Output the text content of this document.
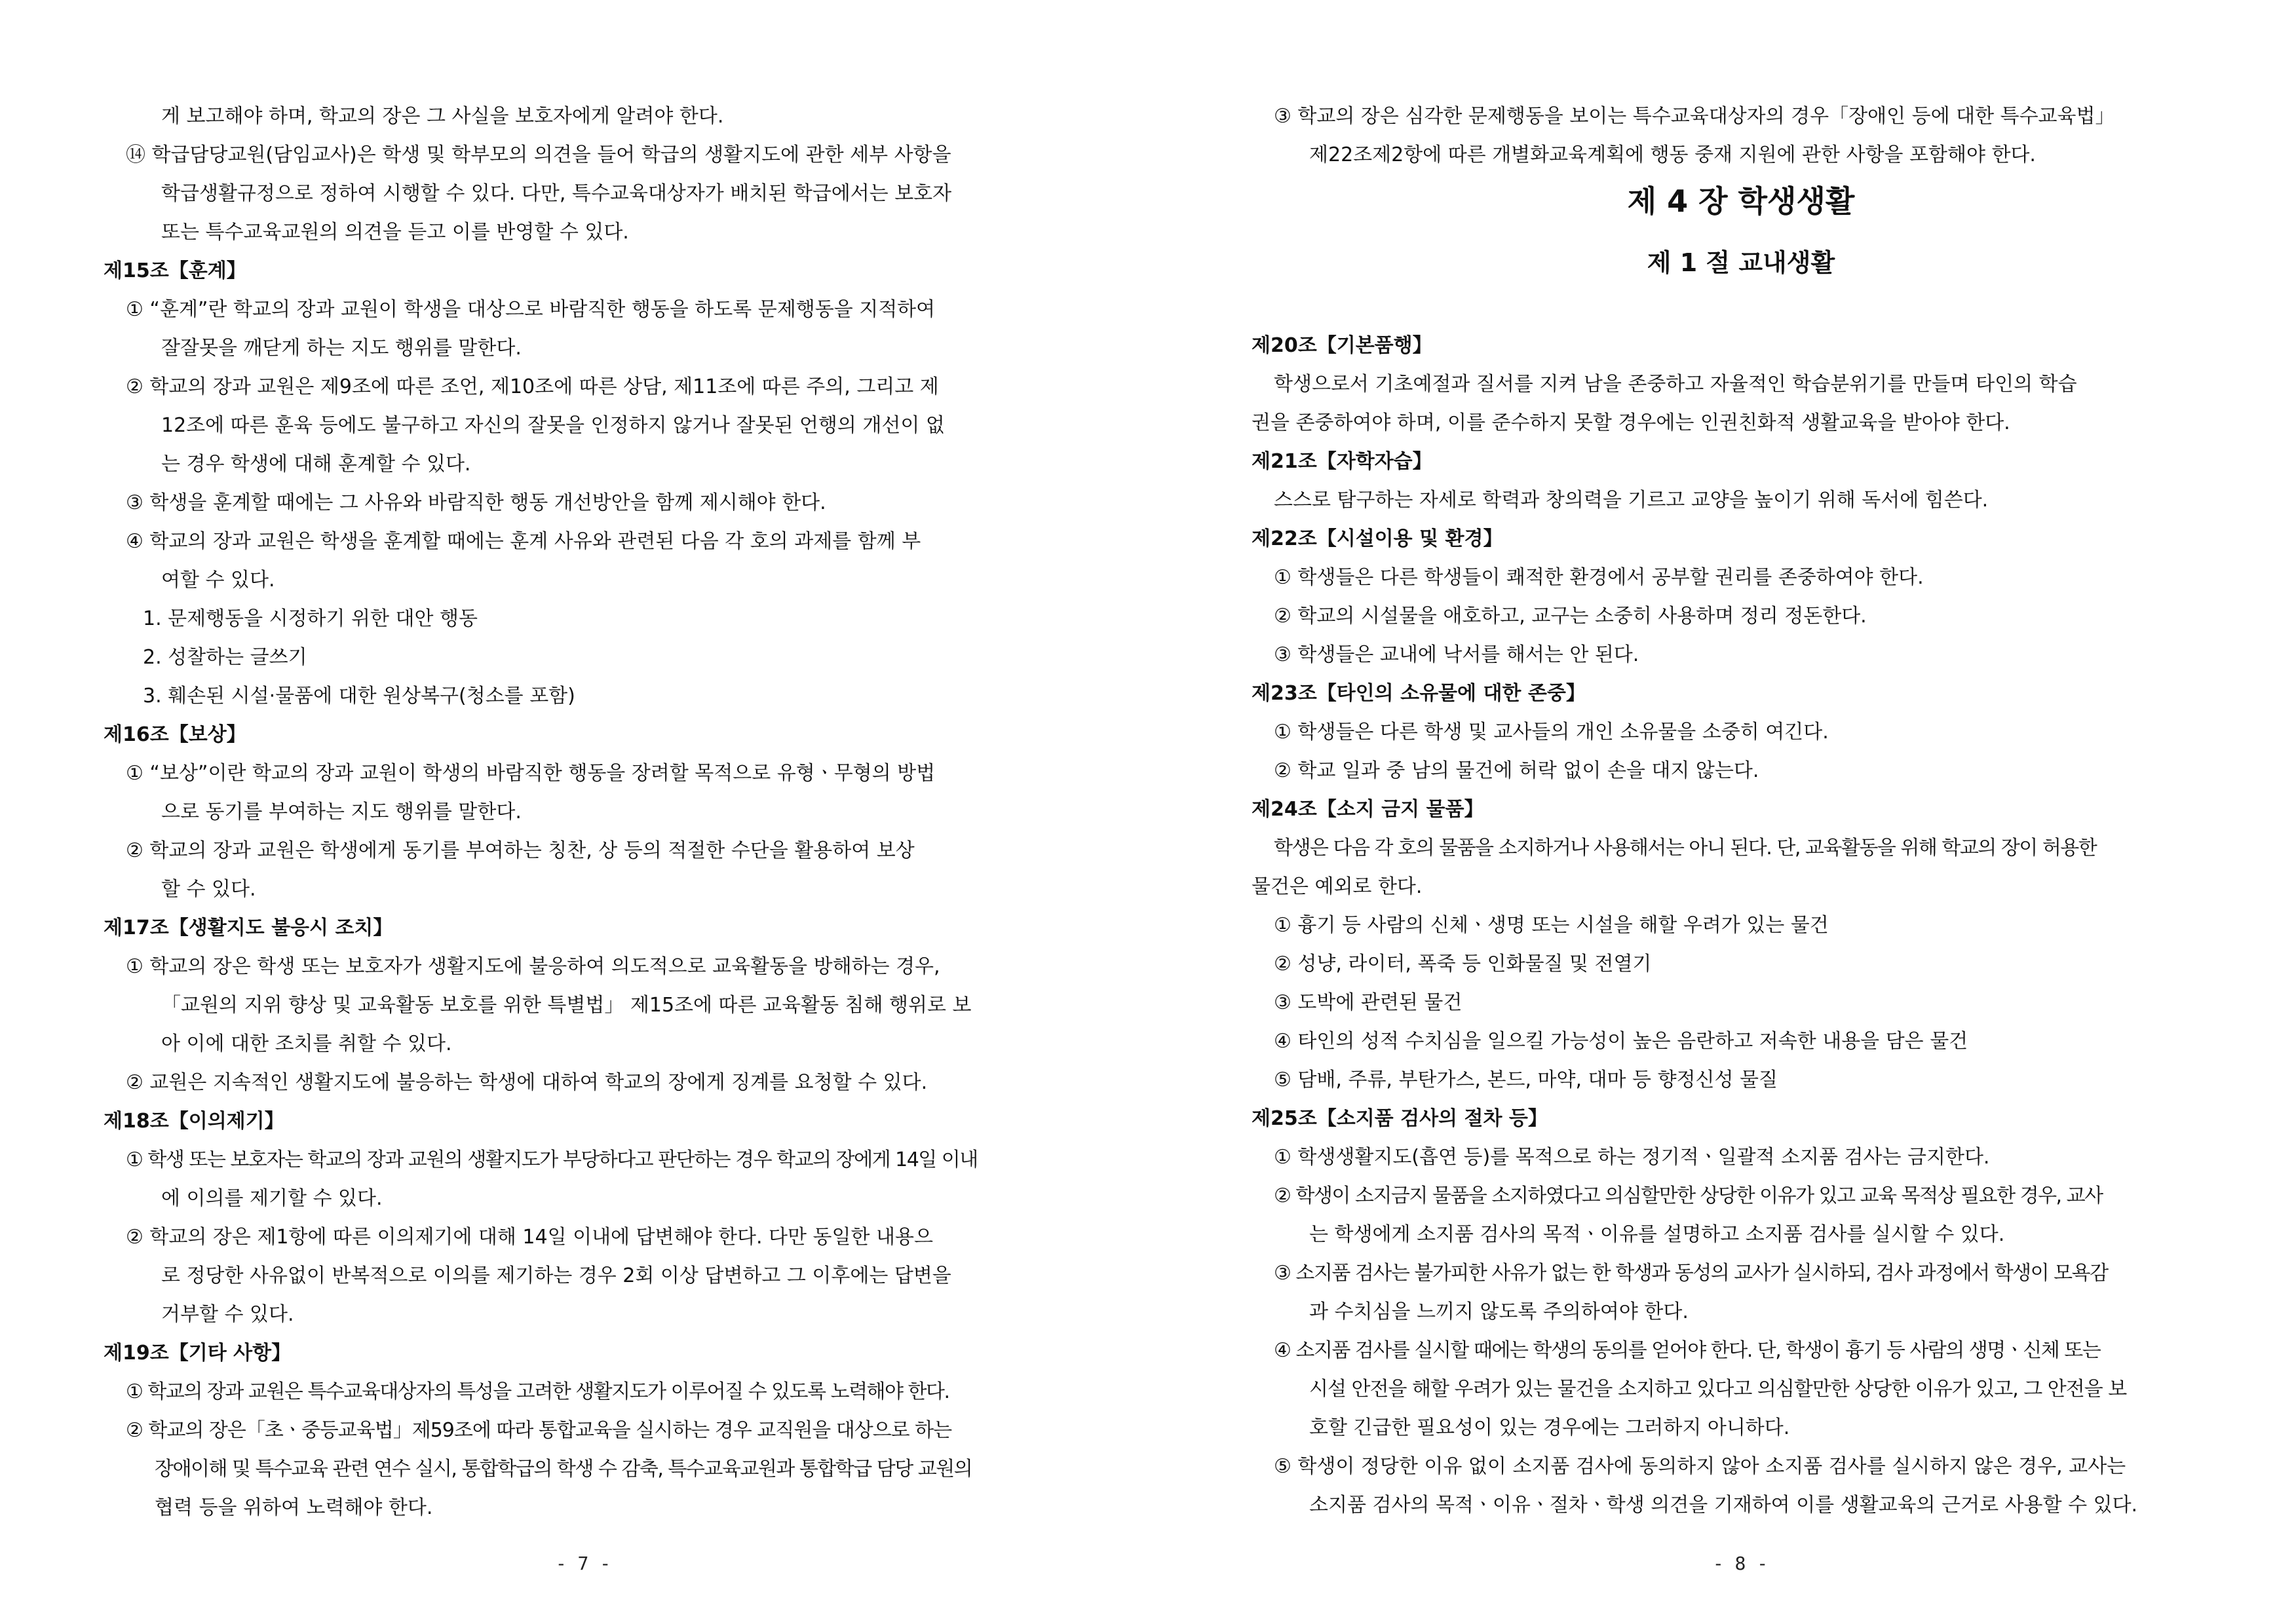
게 보고해야 하며, 학교의 장은 그 사실을 보호자에게 알려야 한다.
⑭ 학급담당교원(담임교사)은 학생 및 학부모의 의견을 들어 학급의 생활지도에 관한 세부 사항을
학급생활규정으로 정하여 시행할 수 있다. 다만, 특수교육대상자가 배치된 학급에서는 보호자
또는 특수교육교원의 의견을 듣고 이를 반영할 수 있다.
제15조【훈계】
① “훈계”란 학교의 장과 교원이 학생을 대상으로 바람직한 행동을 하도록 문제행동을 지적하여
잘잘못을 깨닫게 하는 지도 행위를 말한다.
② 학교의 장과 교원은 제9조에 따른 조언, 제10조에 따른 상담, 제11조에 따른 주의, 그리고 제
12조에 따른 훈육 등에도 불구하고 자신의 잘못을 인정하지 않거나 잘못된 언행의 개선이 없
는 경우 학생에 대해 훈계할 수 있다.
③ 학생을 훈계할 때에는 그 사유와 바람직한 행동 개선방안을 함께 제시해야 한다.
④ 학교의 장과 교원은 학생을 훈계할 때에는 훈계 사유와 관련된 다음 각 호의 과제를 함께 부
여할 수 있다.
1. 문제행동을 시정하기 위한 대안 행동
2. 성찰하는 글쓰기
3. 훼손된 시설·물품에 대한 원상복구(청소를 포함)
제16조【보상】
① “보상”이란 학교의 장과 교원이 학생의 바람직한 행동을 장려할 목적으로 유형ㆍ무형의 방법
으로 동기를 부여하는 지도 행위를 말한다.
② 학교의 장과 교원은 학생에게 동기를 부여하는 칭찬, 상 등의 적절한 수단을 활용하여 보상
할 수 있다.
제17조【생활지도 불응시 조치】
① 학교의 장은 학생 또는 보호자가 생활지도에 불응하여 의도적으로 교육활동을 방해하는 경우,
「교원의 지위 향상 및 교육활동 보호를 위한 특별법」 제15조에 따른 교육활동 침해 행위로 보
아 이에 대한 조치를 취할 수 있다.
② 교원은 지속적인 생활지도에 불응하는 학생에 대하여 학교의 장에게 징계를 요청할 수 있다.
제18조【이의제기】
① 학생 또는 보호자는 학교의 장과 교원의 생활지도가 부당하다고 판단하는 경우 학교의 장에게 14일 이내
에 이의를 제기할 수 있다.
② 학교의 장은 제1항에 따른 이의제기에 대해 14일 이내에 답변해야 한다. 다만 동일한 내용으
로 정당한 사유없이 반복적으로 이의를 제기하는 경우 2회 이상 답변하고 그 이후에는 답변을
거부할 수 있다.
제19조【기타 사항】
① 학교의 장과 교원은 특수교육대상자의 특성을 고려한 생활지도가 이루어질 수 있도록 노력해야 한다.
② 학교의 장은「초ㆍ중등교육법」제59조에 따라 통합교육을 실시하는 경우 교직원을 대상으로 하는
장애이해 및 특수교육 관련 연수 실시, 통합학급의 학생 수 감축, 특수교육교원과 통합학급 담당 교원의
협력 등을 위하여 노력해야 한다.
- 7 -
③ 학교의 장은 심각한 문제행동을 보이는 특수교육대상자의 경우「장애인 등에 대한 특수교육법」
제22조제2항에 따른 개별화교육계획에 행동 중재 지원에 관한 사항을 포함해야 한다.
제 4 장 학생생활
제 1 절 교내생활
제20조【기본품행】
학생으로서 기초예절과 질서를 지켜 남을 존중하고 자율적인 학습분위기를 만들며 타인의 학습
권을 존중하여야 하며, 이를 준수하지 못할 경우에는 인권친화적 생활교육을 받아야 한다.
제21조【자학자습】
스스로 탐구하는 자세로 학력과 창의력을 기르고 교양을 높이기 위해 독서에 힘쓴다.
제22조【시설이용 및 환경】
① 학생들은 다른 학생들이 쾌적한 환경에서 공부할 권리를 존중하여야 한다.
② 학교의 시설물을 애호하고, 교구는 소중히 사용하며 정리 정돈한다.
③ 학생들은 교내에 낙서를 해서는 안 된다.
제23조【타인의 소유물에 대한 존중】
① 학생들은 다른 학생 및 교사들의 개인 소유물을 소중히 여긴다.
② 학교 일과 중 남의 물건에 허락 없이 손을 대지 않는다.
제24조【소지 금지 물품】
학생은 다음 각 호의 물품을 소지하거나 사용해서는 아니 된다. 단, 교육활동을 위해 학교의 장이 허용한
물건은 예외로 한다.
① 흉기 등 사람의 신체ㆍ생명 또는 시설을 해할 우려가 있는 물건
② 성냥, 라이터, 폭죽 등 인화물질 및 전열기
③ 도박에 관련된 물건
④ 타인의 성적 수치심을 일으킬 가능성이 높은 음란하고 저속한 내용을 담은 물건
⑤ 담배, 주류, 부탄가스, 본드, 마약, 대마 등 향정신성 물질
제25조【소지품 검사의 절차 등】
① 학생생활지도(흡연 등)를 목적으로 하는 정기적ㆍ일괄적 소지품 검사는 금지한다.
② 학생이 소지금지 물품을 소지하였다고 의심할만한 상당한 이유가 있고 교육 목적상 필요한 경우, 교사
는 학생에게 소지품 검사의 목적ㆍ이유를 설명하고 소지품 검사를 실시할 수 있다.
③ 소지품 검사는 불가피한 사유가 없는 한 학생과 동성의 교사가 실시하되, 검사 과정에서 학생이 모욕감
과 수치심을 느끼지 않도록 주의하여야 한다.
④ 소지품 검사를 실시할 때에는 학생의 동의를 얻어야 한다. 단, 학생이 흉기 등 사람의 생명ㆍ신체 또는
시설 안전을 해할 우려가 있는 물건을 소지하고 있다고 의심할만한 상당한 이유가 있고, 그 안전을 보
호할 긴급한 필요성이 있는 경우에는 그러하지 아니하다.
⑤ 학생이 정당한 이유 없이 소지품 검사에 동의하지 않아 소지품 검사를 실시하지 않은 경우, 교사는
소지품 검사의 목적ㆍ이유ㆍ절차ㆍ학생 의견을 기재하여 이를 생활교육의 근거로 사용할 수 있다.
- 8 -
